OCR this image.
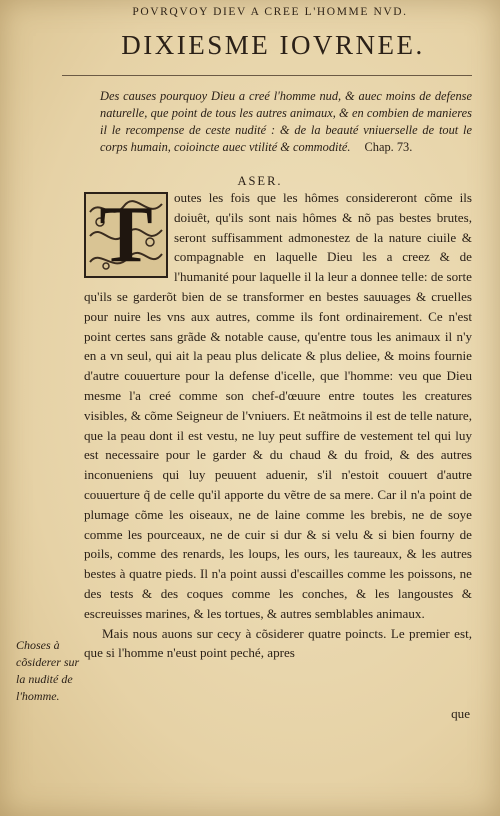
POVRQVOY DIEV A CREE L'HOMME NVD.
DIXIESME IOVRNEE.
Des causes pourquoy Dieu a creé l'homme nud, & auec moins de defense naturelle, que point de tous les autres animaux, & en combien de manieres il le recompense de ceste nudité : & de la beauté vniuerselle de tout le corps humain, coioincte auec vtilité & commodité. Chap. 73.
ASER.
T	outes les fois que les hômes considereront cõme ils doiuêt, qu'ils sont nais hômes & nõ pas bestes brutes, seront suffisamment admonestez de la nature ciuile & compagnable en laquelle Dieu les a creez & de l'humanité pour laquelle il la leur a donnee telle: de sorte qu'ils se garderõt bien de se transformer en bestes sauuages & cruelles pour nuire les vns aux autres, comme ils font ordinairement. Ce n'est point certes sans grãde & notable cause, qu'entre tous les animaux il n'y en a vn seul, qui ait la peau plus delicate & plus deliee, & moins fournie d'autre couuerture pour la defense d'icelle, que l'homme: veu que Dieu mesme l'a creé comme son chef-d'œuure entre toutes les creatures visibles, & cõme Seigneur de l'vniuers. Et neãtmoins il est de telle nature, que la peau dont il est vestu, ne luy peut suffire de vestement tel qui luy est necessaire pour le garder & du chaud & du froid, & des autres inconueniens qui luy peuuent aduenir, s'il n'estoit couuert d'autre couuerture q̃ de celle qu'il apporte du vẽtre de sa mere. Car il n'a point de plumage cõme les oiseaux, ne de laine comme les brebis, ne de soye comme les pourceaux, ne de cuir si dur & si velu & si bien fourny de poils, comme des renards, les loups, les ours, les taureaux, & les autres bestes à quatre pieds. Il n'a point aussi d'escailles comme les poissons, ne des tests & des coques comme les conches, & les langoustes & escreuisses marines, & les tortues, & autres semblables animaux.

Mais nous auons sur cecy à cõsiderer quatre poincts. Le premier est, que si l'homme n'eust point peché, apres

Choses à cõsiderer sur la nudité de l'homme.
que
